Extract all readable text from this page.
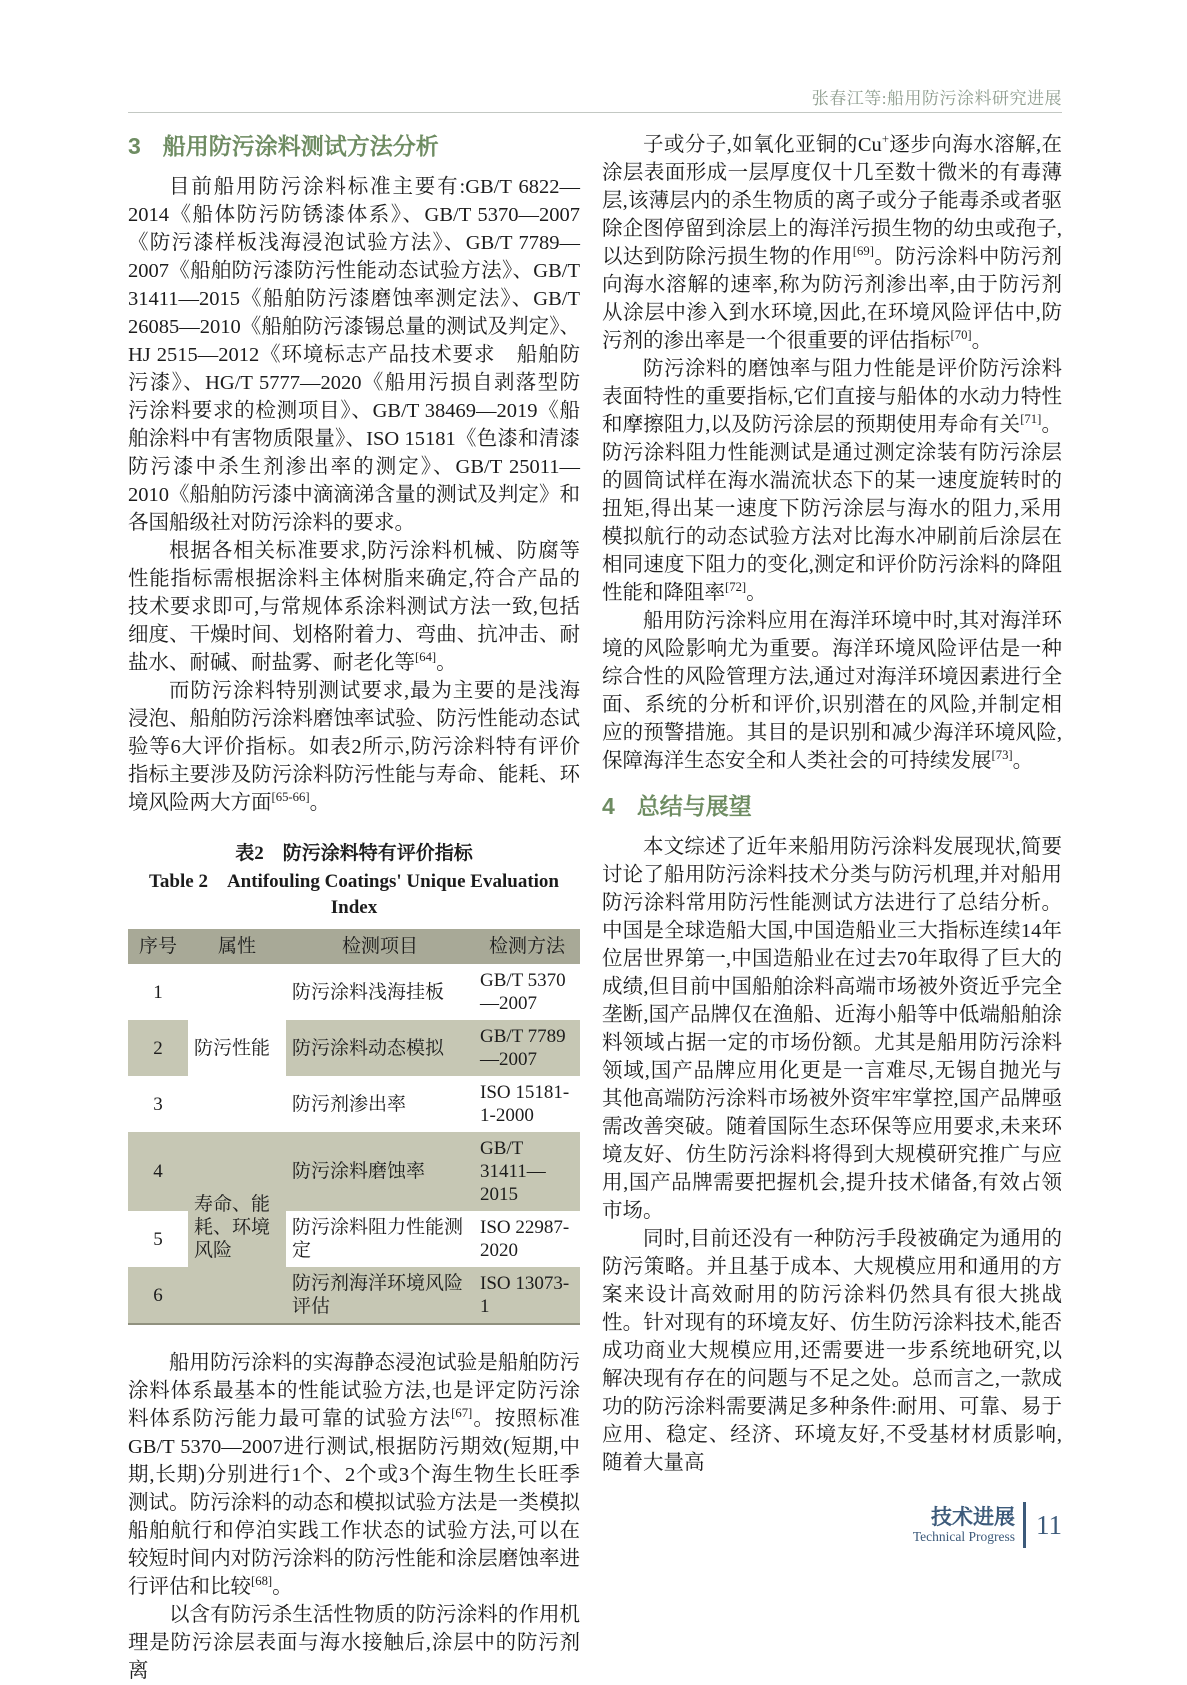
张春江等:船用防污涂料研究进展
3 船用防污涂料测试方法分析

目前船用防污涂料标准主要有:GB/T 6822—2014《船体防污防锈漆体系》、GB/T 5370—2007《防污漆样板浅海浸泡试验方法》、GB/T 7789—2007《船舶防污漆防污性能动态试验方法》、GB/T 31411—2015《船舶防污漆磨蚀率测定法》、GB/T 26085—2010《船舶防污漆锡总量的测试及判定》、HJ 2515—2012《环境标志产品技术要求　船舶防污漆》、HG/T 5777—2020《船用污损自剥落型防污涂料要求的检测项目》、GB/T 38469—2019《船舶涂料中有害物质限量》、ISO 15181《色漆和清漆　防污漆中杀生剂渗出率的测定》、GB/T 25011—2010《船舶防污漆中滴滴涕含量的测试及判定》和各国船级社对防污涂料的要求。

根据各相关标准要求,防污涂料机械、防腐等性能指标需根据涂料主体树脂来确定,符合产品的技术要求即可,与常规体系涂料测试方法一致,包括细度、干燥时间、划格附着力、弯曲、抗冲击、耐盐水、耐碱、耐盐雾、耐老化等[64]。

而防污涂料特别测试要求,最为主要的是浅海浸泡、船舶防污涂料磨蚀率试验、防污性能动态试验等6大评价指标。如表2所示,防污涂料特有评价指标主要涉及防污涂料防污性能与寿命、能耗、环境风险两大方面[65-66]。

表2　防污涂料特有评价指标

Table 2　Antifouling Coatings' Unique Evaluation Index

序号	属性	检测项目	检测方法
1	防污性能	防污涂料浅海挂板	GB/T 5370—2007
2		防污涂料动态模拟	GB/T 7789—2007
3		防污剂渗出率	ISO 15181-1-2000
4	寿命、能耗、环境风险	防污涂料磨蚀率	GB/T 31411—2015
5		防污涂料阻力性能测定	ISO 22987-2020
6		防污剂海洋环境风险评估	ISO 13073-1

船用防污涂料的实海静态浸泡试验是船舶防污涂料体系最基本的性能试验方法,也是评定防污涂料体系防污能力最可靠的试验方法[67]。按照标准GB/T 5370—2007进行测试,根据防污期效(短期,中期,长期)分别进行1个、2个或3个海生物生长旺季测试。防污涂料的动态和模拟试验方法是一类模拟船舶航行和停泊实践工作状态的试验方法,可以在较短时间内对防污涂料的防污性能和涂层磨蚀率进行评估和比较[68]。

以含有防污杀生活性物质的防污涂料的作用机理是防污涂层表面与海水接触后,涂层中的防污剂离

子或分子,如氧化亚铜的Cu+逐步向海水溶解,在涂层表面形成一层厚度仅十几至数十微米的有毒薄层,该薄层内的杀生物质的离子或分子能毒杀或者驱除企图停留到涂层上的海洋污损生物的幼虫或孢子,以达到防除污损生物的作用[69]。防污涂料中防污剂向海水溶解的速率,称为防污剂渗出率,由于防污剂从涂层中渗入到水环境,因此,在环境风险评估中,防污剂的渗出率是一个很重要的评估指标[70]。

防污涂料的磨蚀率与阻力性能是评价防污涂料表面特性的重要指标,它们直接与船体的水动力特性和摩擦阻力,以及防污涂层的预期使用寿命有关[71]。防污涂料阻力性能测试是通过测定涂装有防污涂层的圆筒试样在海水湍流状态下的某一速度旋转时的扭矩,得出某一速度下防污涂层与海水的阻力,采用模拟航行的动态试验方法对比海水冲刷前后涂层在相同速度下阻力的变化,测定和评价防污涂料的降阻性能和降阻率[72]。

船用防污涂料应用在海洋环境中时,其对海洋环境的风险影响尤为重要。海洋环境风险评估是一种综合性的风险管理方法,通过对海洋环境因素进行全面、系统的分析和评价,识别潜在的风险,并制定相应的预警措施。其目的是识别和减少海洋环境风险,保障海洋生态安全和人类社会的可持续发展[73]。

4 总结与展望

本文综述了近年来船用防污涂料发展现状,简要讨论了船用防污涂料技术分类与防污机理,并对船用防污涂料常用防污性能测试方法进行了总结分析。中国是全球造船大国,中国造船业三大指标连续14年位居世界第一,中国造船业在过去70年取得了巨大的成绩,但目前中国船舶涂料高端市场被外资近乎完全垄断,国产品牌仅在渔船、近海小船等中低端船舶涂料领域占据一定的市场份额。尤其是船用防污涂料领域,国产品牌应用化更是一言难尽,无锡自抛光与其他高端防污涂料市场被外资牢牢掌控,国产品牌亟需改善突破。随着国际生态环保等应用要求,未来环境友好、仿生防污涂料将得到大规模研究推广与应用,国产品牌需要把握机会,提升技术储备,有效占领市场。

同时,目前还没有一种防污手段被确定为通用的防污策略。并且基于成本、大规模应用和通用的方案来设计高效耐用的防污涂料仍然具有很大挑战性。针对现有的环境友好、仿生防污涂料技术,能否成功商业大规模应用,还需要进一步系统地研究,以解决现有存在的问题与不足之处。总而言之,一款成功的防污涂料需要满足多种条件:耐用、可靠、易于应用、稳定、经济、环境友好,不受基材材质影响,随着大量高

技术进展
Technical Progress 11
